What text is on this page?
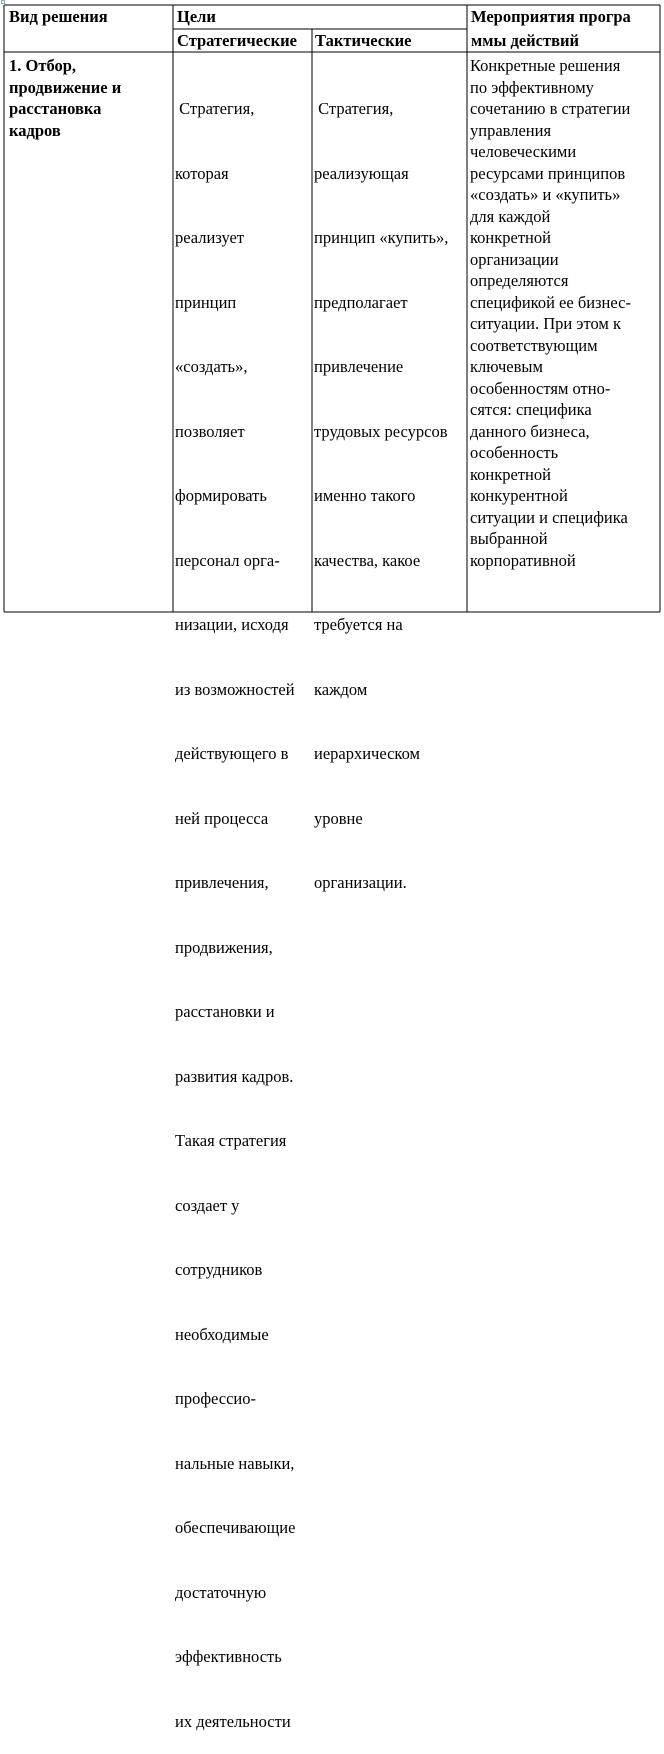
Вид решения	Цели	Мероприятия програ
ммы действий
Стратегические Тактические
1. Отбор,
продвижение и
расстановка
кадров

Стратегия,

которая

реализует

принцип

«создать»,

позволяет

формировать

персонал орга-

низации, исходя

из возможностей

действующего в

ней процесса

привлечения,

продвижения,

расстановки и

развития кадров.

Такая стратегия

создает у

сотрудников

необходимые

профессио-

нальные навыки,

обеспечивающие

достаточную

эффективность

их деятельности

Стратегия,

реализующая

принцип «купить»,

предполагает

привлечение

трудовых ресурсов

именно такого

качества, какое

требуется на

каждом

иерархическом

уровне

организации.

Конкретные решения
по эффективному
сочетанию в стратегии
управления
человеческими
ресурсами принципов
«создать» и «купить»
для каждой
конкретной
организации
определяются
спецификой ее бизнес-
ситуации. При этом к
соответствующим
ключевым
особенностям отно-
сятся: специфика
данного бизнеса,
особенность
конкретной
конкурентной
ситуации и специфика
выбранной
корпоративной
